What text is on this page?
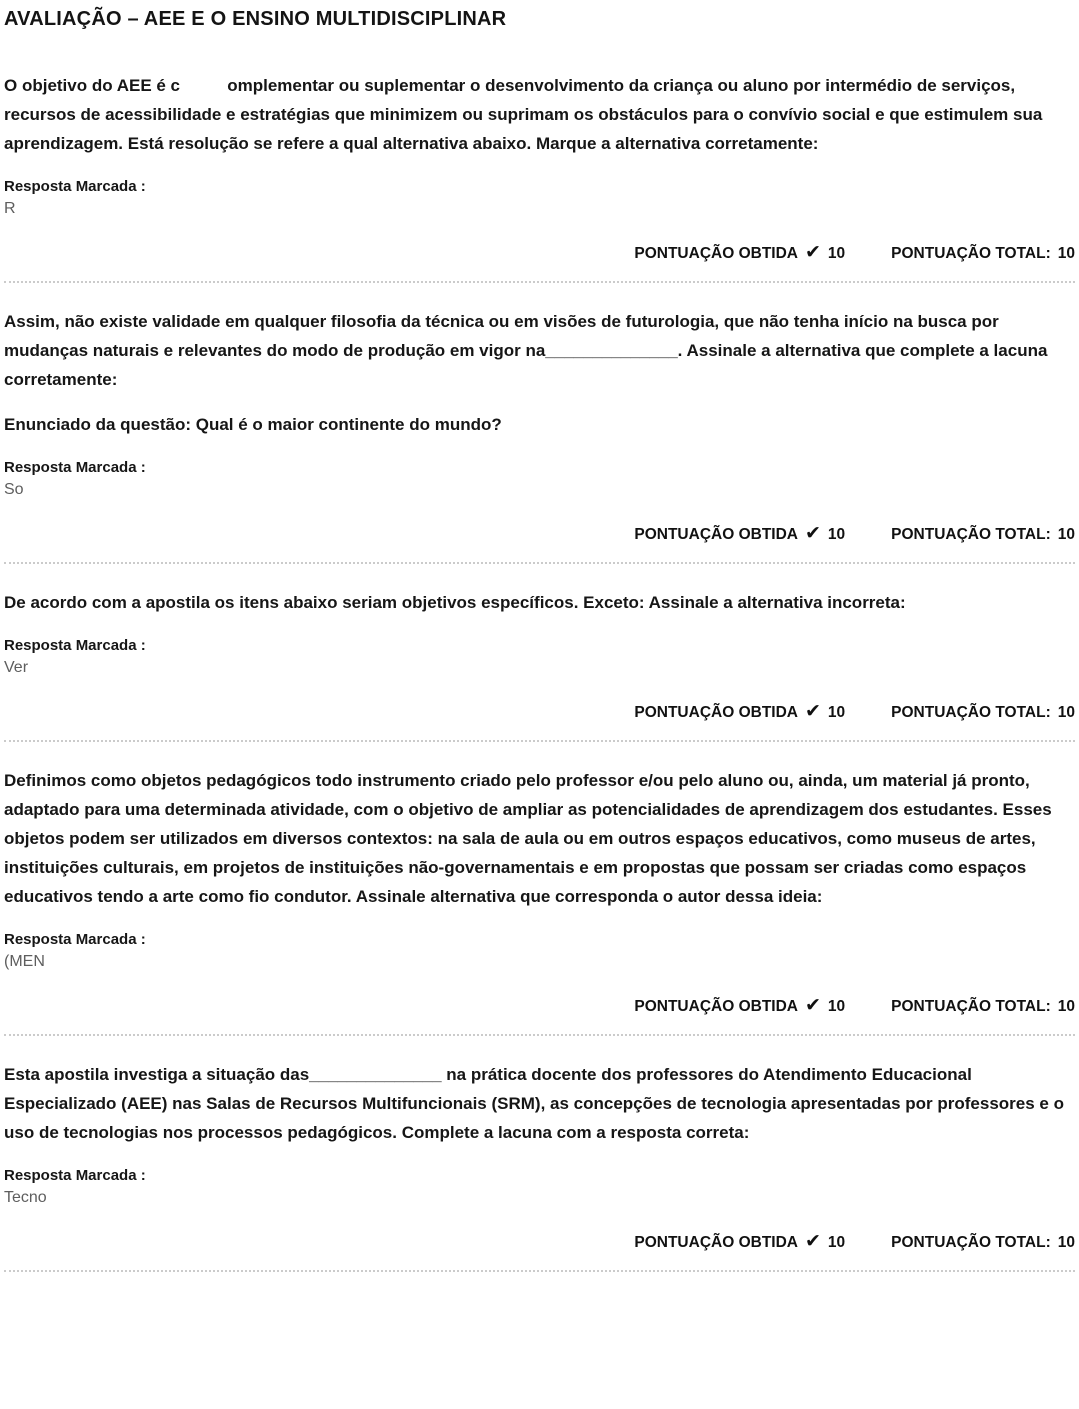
AVALIAÇÃO – AEE E O ENSINO MULTIDISCIPLINAR

O objetivo do AEE é c          omplementar ou suplementar o desenvolvimento da criança ou aluno por intermédio de serviços, recursos de acessibilidade e estratégias que minimizem ou suprimam os obstáculos para o convívio social e que estimulem sua aprendizagem. Está resolução se refere a qual alternativa abaixo. Marque a alternativa corretamente:

Resposta Marcada :

R

PONTUAÇÃO OBTIDA ✔ 10	PONTUAÇÃO TOTAL: 10

Assim, não existe validade em qualquer filosofia da técnica ou em visões de futurologia, que não tenha início na busca por mudanças naturais e relevantes do modo de produção em vigor na______________. Assinale a alternativa que complete a lacuna corretamente:

Enunciado da questão: Qual é o maior continente do mundo?

Resposta Marcada :

So

PONTUAÇÃO OBTIDA ✔ 10	PONTUAÇÃO TOTAL: 10

De acordo com a apostila os itens abaixo seriam objetivos específicos. Exceto: Assinale a alternativa incorreta:

Resposta Marcada :

Ver

PONTUAÇÃO OBTIDA ✔ 10	PONTUAÇÃO TOTAL: 10

Definimos como objetos pedagógicos todo instrumento criado pelo professor e/ou pelo aluno ou, ainda, um material já pronto, adaptado para uma determinada atividade, com o objetivo de ampliar as potencialidades de aprendizagem dos estudantes. Esses objetos podem ser utilizados em diversos contextos: na sala de aula ou em outros espaços educativos, como museus de artes, instituições culturais, em projetos de instituições não-governamentais e em propostas que possam ser criadas como espaços educativos tendo a arte como fio condutor. Assinale alternativa que corresponda o autor dessa ideia:

Resposta Marcada :

(MEN

PONTUAÇÃO OBTIDA ✔ 10	PONTUAÇÃO TOTAL: 10

Esta apostila investiga a situação das______________ na prática docente dos professores do Atendimento Educacional Especializado (AEE) nas Salas de Recursos Multifuncionais (SRM), as concepções de tecnologia apresentadas por professores e o uso de tecnologias nos processos pedagógicos. Complete a lacuna com a resposta correta:

Resposta Marcada :

Tecno

PONTUAÇÃO OBTIDA ✔ 10	PONTUAÇÃO TOTAL: 10
